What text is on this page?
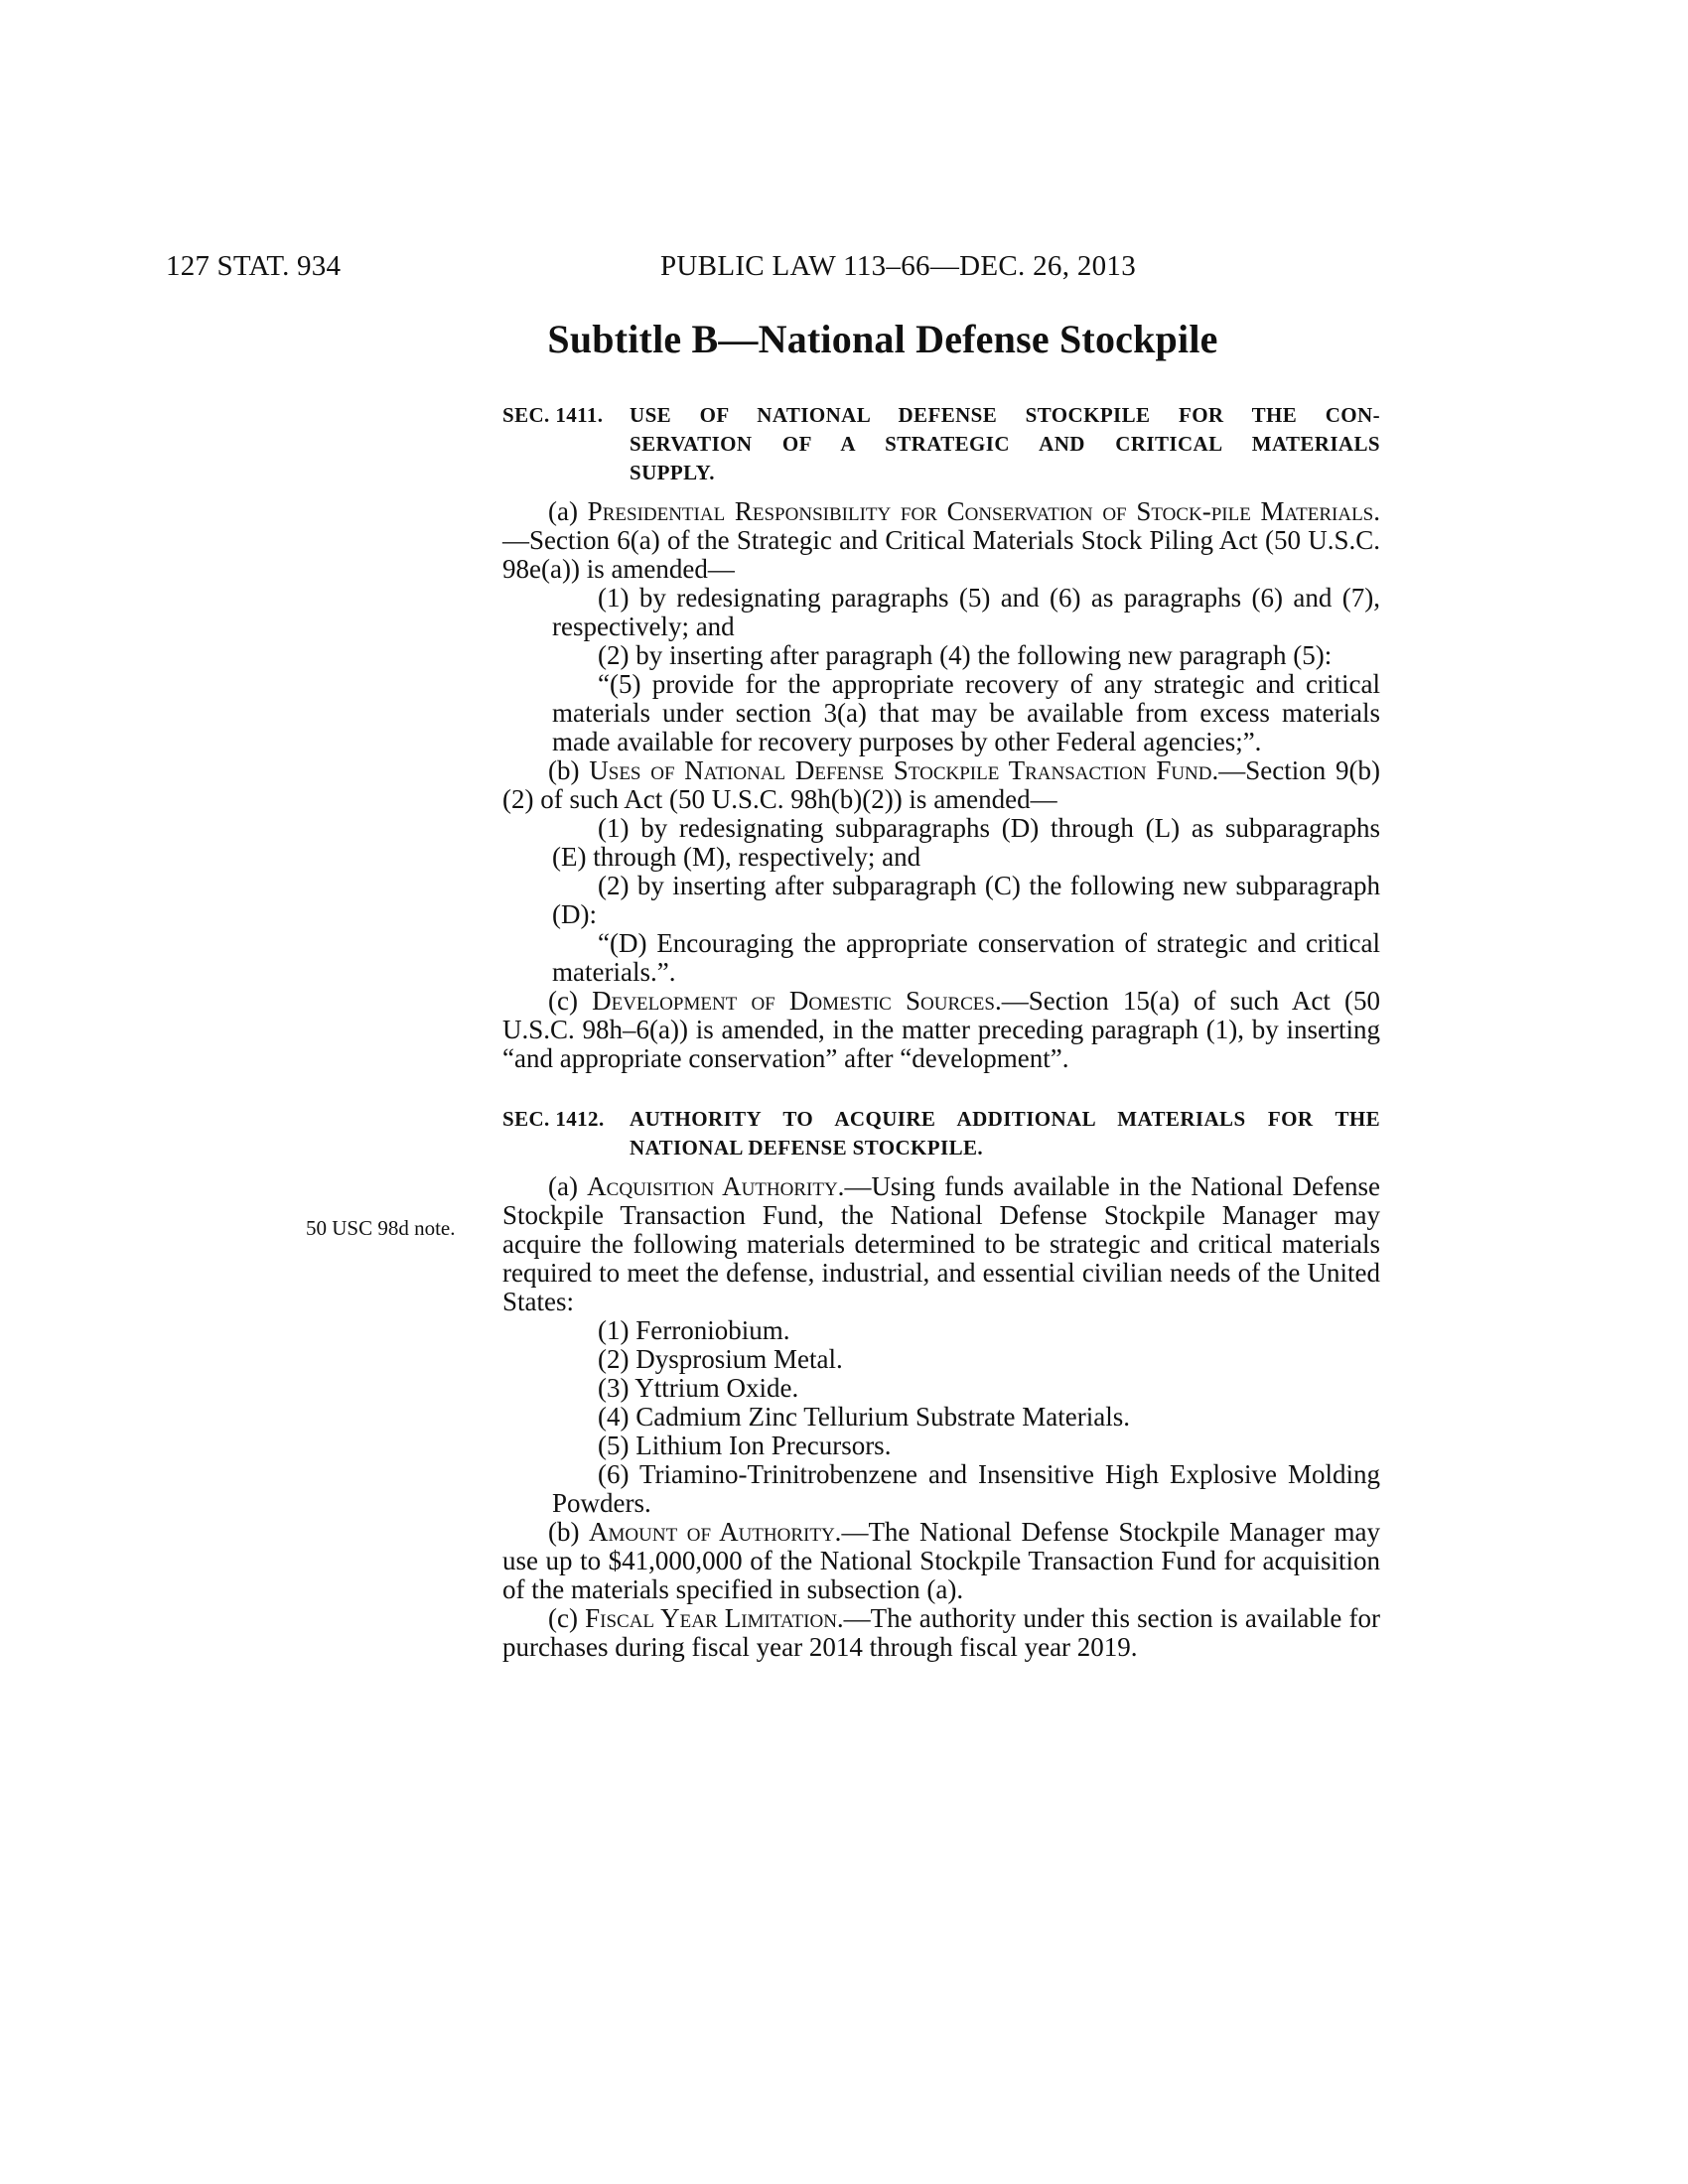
127 STAT. 934	PUBLIC LAW 113–66—DEC. 26, 2013
Subtitle B—National Defense Stockpile
50 USC 98d note.
SEC. 1411.	USE OF NATIONAL DEFENSE STOCKPILE FOR THE CON-
SERVATION OF A STRATEGIC AND CRITICAL MATERIALS
SUPPLY.

(a) Presidential Responsibility for Conservation of Stock-pile Materials.—Section 6(a) of the Strategic and Critical Materials Stock Piling Act (50 U.S.C. 98e(a)) is amended—

(1) by redesignating paragraphs (5) and (6) as paragraphs (6) and (7), respectively; and

(2) by inserting after paragraph (4) the following new paragraph (5):

“(5) provide for the appropriate recovery of any strategic and critical materials under section 3(a) that may be available from excess materials made available for recovery purposes by other Federal agencies;”.

(b) Uses of National Defense Stockpile Transaction Fund.—Section 9(b)(2) of such Act (50 U.S.C. 98h(b)(2)) is amended—

(1) by redesignating subparagraphs (D) through (L) as subparagraphs (E) through (M), respectively; and

(2) by inserting after subparagraph (C) the following new subparagraph (D):

“(D) Encouraging the appropriate conservation of strategic and critical materials.”.

(c) Development of Domestic Sources.—Section 15(a) of such Act (50 U.S.C. 98h–6(a)) is amended, in the matter preceding paragraph (1), by inserting “and appropriate conservation” after “development”.

SEC. 1412.	AUTHORITY TO ACQUIRE ADDITIONAL MATERIALS FOR THE
NATIONAL DEFENSE STOCKPILE.

(a) Acquisition Authority.—Using funds available in the National Defense Stockpile Transaction Fund, the National Defense Stockpile Manager may acquire the following materials determined to be strategic and critical materials required to meet the defense, industrial, and essential civilian needs of the United States:

(1) Ferroniobium.

(2) Dysprosium Metal.

(3) Yttrium Oxide.

(4) Cadmium Zinc Tellurium Substrate Materials.

(5) Lithium Ion Precursors.

(6) Triamino-Trinitrobenzene and Insensitive High Explosive Molding Powders.

(b) Amount of Authority.—The National Defense Stockpile Manager may use up to $41,000,000 of the National Stockpile Transaction Fund for acquisition of the materials specified in subsection (a).

(c) Fiscal Year Limitation.—The authority under this section is available for purchases during fiscal year 2014 through fiscal year 2019.
